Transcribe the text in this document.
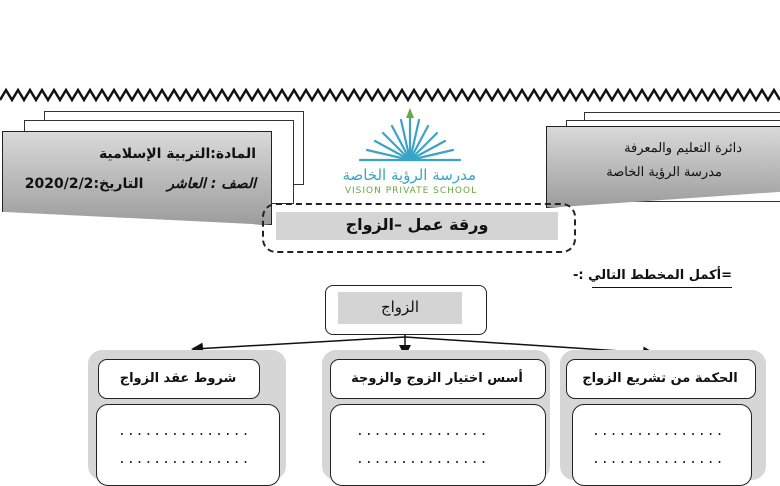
المادة:التربية الإسلامية
الصف : العاشر  التاريخ:2020/2/2
دائرة التعليم والمعرفة
مدرسة الرؤية الخاصة
مدرسة الرؤية الخاصة
VISION PRIVATE SCHOOL
ورقة عمل –الزواج
=أكمل المخطط التالي :-
الزواج
الحكمة من تشريع الزواج
...............
...............
أسس اختيار الزوج والزوجة
...............
...............
شروط عقد الزواج
...............
...............
